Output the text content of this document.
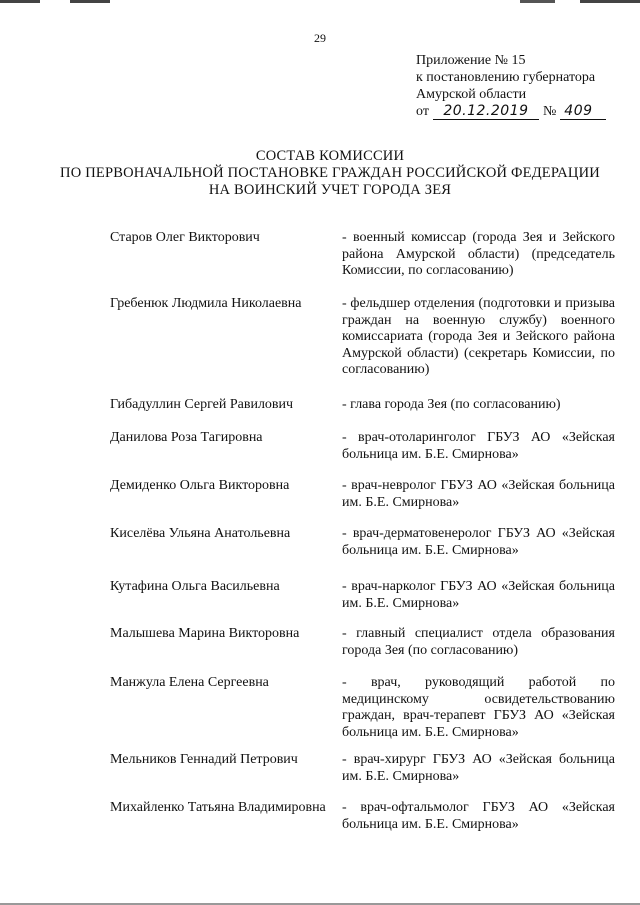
29
Приложение № 15
к постановлению губернатора
Амурской области
от	20.12.2019	№ 409
СОСТАВ КОМИССИИ
ПО ПЕРВОНАЧАЛЬНОЙ ПОСТАНОВКЕ ГРАЖДАН РОССИЙСКОЙ ФЕДЕРАЦИИ
НА ВОИНСКИЙ УЧЕТ ГОРОДА ЗЕЯ
Старов Олег Викторович	- военный комиссар (города Зея и Зейского района Амурской области) (председатель Комиссии, по согласованию)
Гребенюк Людмила Николаевна	- фельдшер отделения (подготовки и призыва граждан на военную службу) военного комиссариата (города Зея и Зейского района Амурской области) (секретарь Комиссии, по согласованию)
Гибадуллин Сергей Равилович	- глава города Зея (по согласованию)
Данилова Роза Тагировна	- врач-отоларинголог ГБУЗ АО «Зейская больница им. Б.Е. Смирнова»
Демиденко Ольга Викторовна	- врач-невролог ГБУЗ АО «Зейская больница им. Б.Е. Смирнова»
Киселёва Ульяна Анатольевна	- врач-дерматовенеролог ГБУЗ АО «Зейская больница им. Б.Е. Смирнова»
Кутафина Ольга Васильевна	- врач-нарколог ГБУЗ АО «Зейская больница им. Б.Е. Смирнова»
Малышева Марина Викторовна	- главный специалист отдела образования города Зея (по согласованию)
Манжула Елена Сергеевна	- врач, руководящий работой по медицинскому освидетельствованию граждан, врач-терапевт ГБУЗ АО «Зейская больница им. Б.Е. Смирнова»
Мельников Геннадий Петрович	- врач-хирург ГБУЗ АО «Зейская больница им. Б.Е. Смирнова»
Михайленко Татьяна Владимировна	- врач-офтальмолог ГБУЗ АО «Зейская больница им. Б.Е. Смирнова»
